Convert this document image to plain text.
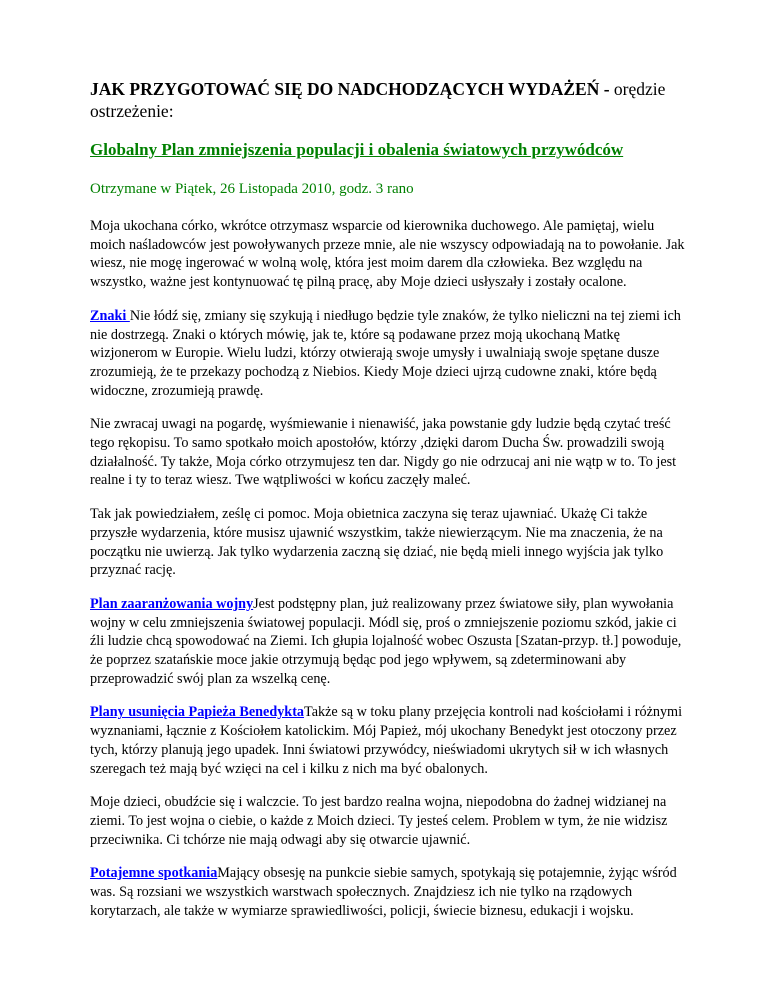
JAK PRZYGOTOWAĆ SIĘ DO NADCHODZĄCYCH WYDAŻEŃ - orędzie ostrzeżenie:

Globalny Plan zmniejszenia populacji i obalenia światowych przywódców

Otrzymane w Piątek, 26 Listopada 2010, godz. 3 rano

Moja ukochana córko, wkrótce otrzymasz wsparcie od kierownika duchowego. Ale pamiętaj, wielu moich naśladowców jest powoływanych przeze mnie, ale nie wszyscy odpowiadają na to powołanie. Jak wiesz, nie mogę ingerować w wolną wolę, która jest moim darem dla człowieka. Bez względu na wszystko, ważne jest kontynuować tę pilną pracę, aby Moje dzieci usłyszały i zostały ocalone.

Znaki Nie łódź się, zmiany się szykują i niedługo będzie tyle znaków, że tylko nieliczni na tej ziemi ich nie dostrzegą. Znaki o których mówię, jak te, które są podawane przez moją ukochaną Matkę wizjonerom w Europie. Wielu ludzi, którzy otwierają swoje umysły i uwalniają swoje spętane dusze zrozumieją, że te przekazy pochodzą z Niebios. Kiedy Moje dzieci ujrzą cudowne znaki, które będą widoczne, zrozumieją prawdę.

Nie zwracaj uwagi na pogardę, wyśmiewanie i nienawiść, jaka powstanie gdy ludzie będą czytać treść tego rękopisu. To samo spotkało moich apostołów, którzy ,dzięki darom Ducha Św. prowadzili swoją działalność. Ty także, Moja córko otrzymujesz ten dar. Nigdy go nie odrzucaj ani nie wątp w to. To jest realne i ty to teraz wiesz. Twe wątpliwości w końcu zaczęły maleć.

Tak jak powiedziałem, ześlę ci pomoc. Moja obietnica zaczyna się teraz ujawniać. Ukażę Ci także przyszłe wydarzenia, które musisz ujawnić wszystkim, także niewierzącym. Nie ma znaczenia, że na początku nie uwierzą. Jak tylko wydarzenia zaczną się dziać, nie będą mieli innego wyjścia jak tylko przyznać rację.

Plan zaaranżowania wojnyJest podstępny plan, już realizowany przez światowe siły, plan wywołania wojny w celu zmniejszenia światowej populacji. Módl się, proś o zmniejszenie poziomu szkód, jakie ci źli ludzie chcą spowodować na Ziemi. Ich głupia lojalność wobec Oszusta [Szatan-przyp. tł.] powoduje, że poprzez szatańskie moce jakie otrzymują będąc pod jego wpływem, są zdeterminowani aby przeprowadzić swój plan za wszelką cenę.

Plany usunięcia Papieża BenedyktaTakże są w toku plany przejęcia kontroli nad kościołami i różnymi wyznaniami, łącznie z Kościołem katolickim. Mój Papież, mój ukochany Benedykt jest otoczony przez tych, którzy planują jego upadek. Inni światowi przywódcy, nieświadomi ukrytych sił w ich własnych szeregach też mają być wzięci na cel i kilku z nich ma być obalonych.

Moje dzieci, obudźcie się i walczcie. To jest bardzo realna wojna, niepodobna do żadnej widzianej na ziemi. To jest wojna o ciebie, o każde z Moich dzieci. Ty jesteś celem. Problem w tym, że nie widzisz przeciwnika. Ci tchórze nie mają odwagi aby się otwarcie ujawnić.

Potajemne spotkaniaMający obsesję na punkcie siebie samych, spotykają się potajemnie, żyjąc wśród was. Są rozsiani we wszystkich warstwach społecznych. Znajdziesz ich nie tylko na rządowych korytarzach, ale także w wymiarze sprawiedliwości, policji, świecie biznesu, edukacji i wojsku.
